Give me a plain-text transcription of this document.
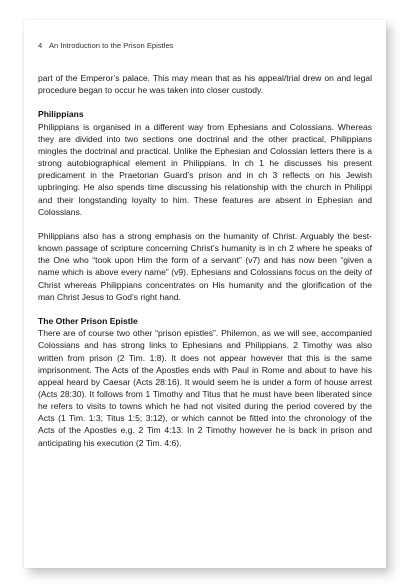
4 An Introduction to the Prison Epistles

part of the Emperor’s palace. This may mean that as his appeal/trial drew on and legal procedure began to occur he was taken into closer custody.

Philippians

Philippians is organised in a different way from Ephesians and Colossians. Whereas they are divided into two sections one doctrinal and the other practical, Philippians mingles the doctrinal and practical. Unlike the Ephesian and Colossian letters there is a strong autobiographical element in Philippians. In ch 1 he discusses his present predicament in the Praetorian Guard’s prison and in ch 3 reflects on his Jewish upbringing. He also spends time discussing his relationship with the church in Philippi and their longstanding loyalty to him. These features are absent in Ephesian and Colossians.

Philippians also has a strong emphasis on the humanity of Christ. Arguably the best-known passage of scripture concerning Christ’s humanity is in ch 2 where he speaks of the One who “took upon Him the form of a servant” (v7) and has now been “given a name which is above every name” (v9). Ephesians and Colossians focus on the deity of Christ whereas Philippians concentrates on His humanity and the glorification of the man Christ Jesus to God’s right hand.

The Other Prison Epistle

There are of course two other “prison epistles”. Philemon, as we will see, accompanied Colossians and has strong links to Ephesians and Philippians. 2 Timothy was also written from prison (2 Tim. 1:8). It does not appear however that this is the same imprisonment. The Acts of the Apostles ends with Paul in Rome and about to have his appeal heard by Caesar (Acts 28:16). It would seem he is under a form of house arrest (Acts 28:30). It follows from 1 Timothy and Titus that he must have been liberated since he refers to visits to towns which he had not visited during the period covered by the Acts (1 Tim. 1:3; Titus 1:5; 3:12), or which cannot be fitted into the chronology of the Acts of the Apostles e.g. 2 Tim 4:13. In 2 Timothy however he is back in prison and anticipating his execution (2 Tim. 4:6).
